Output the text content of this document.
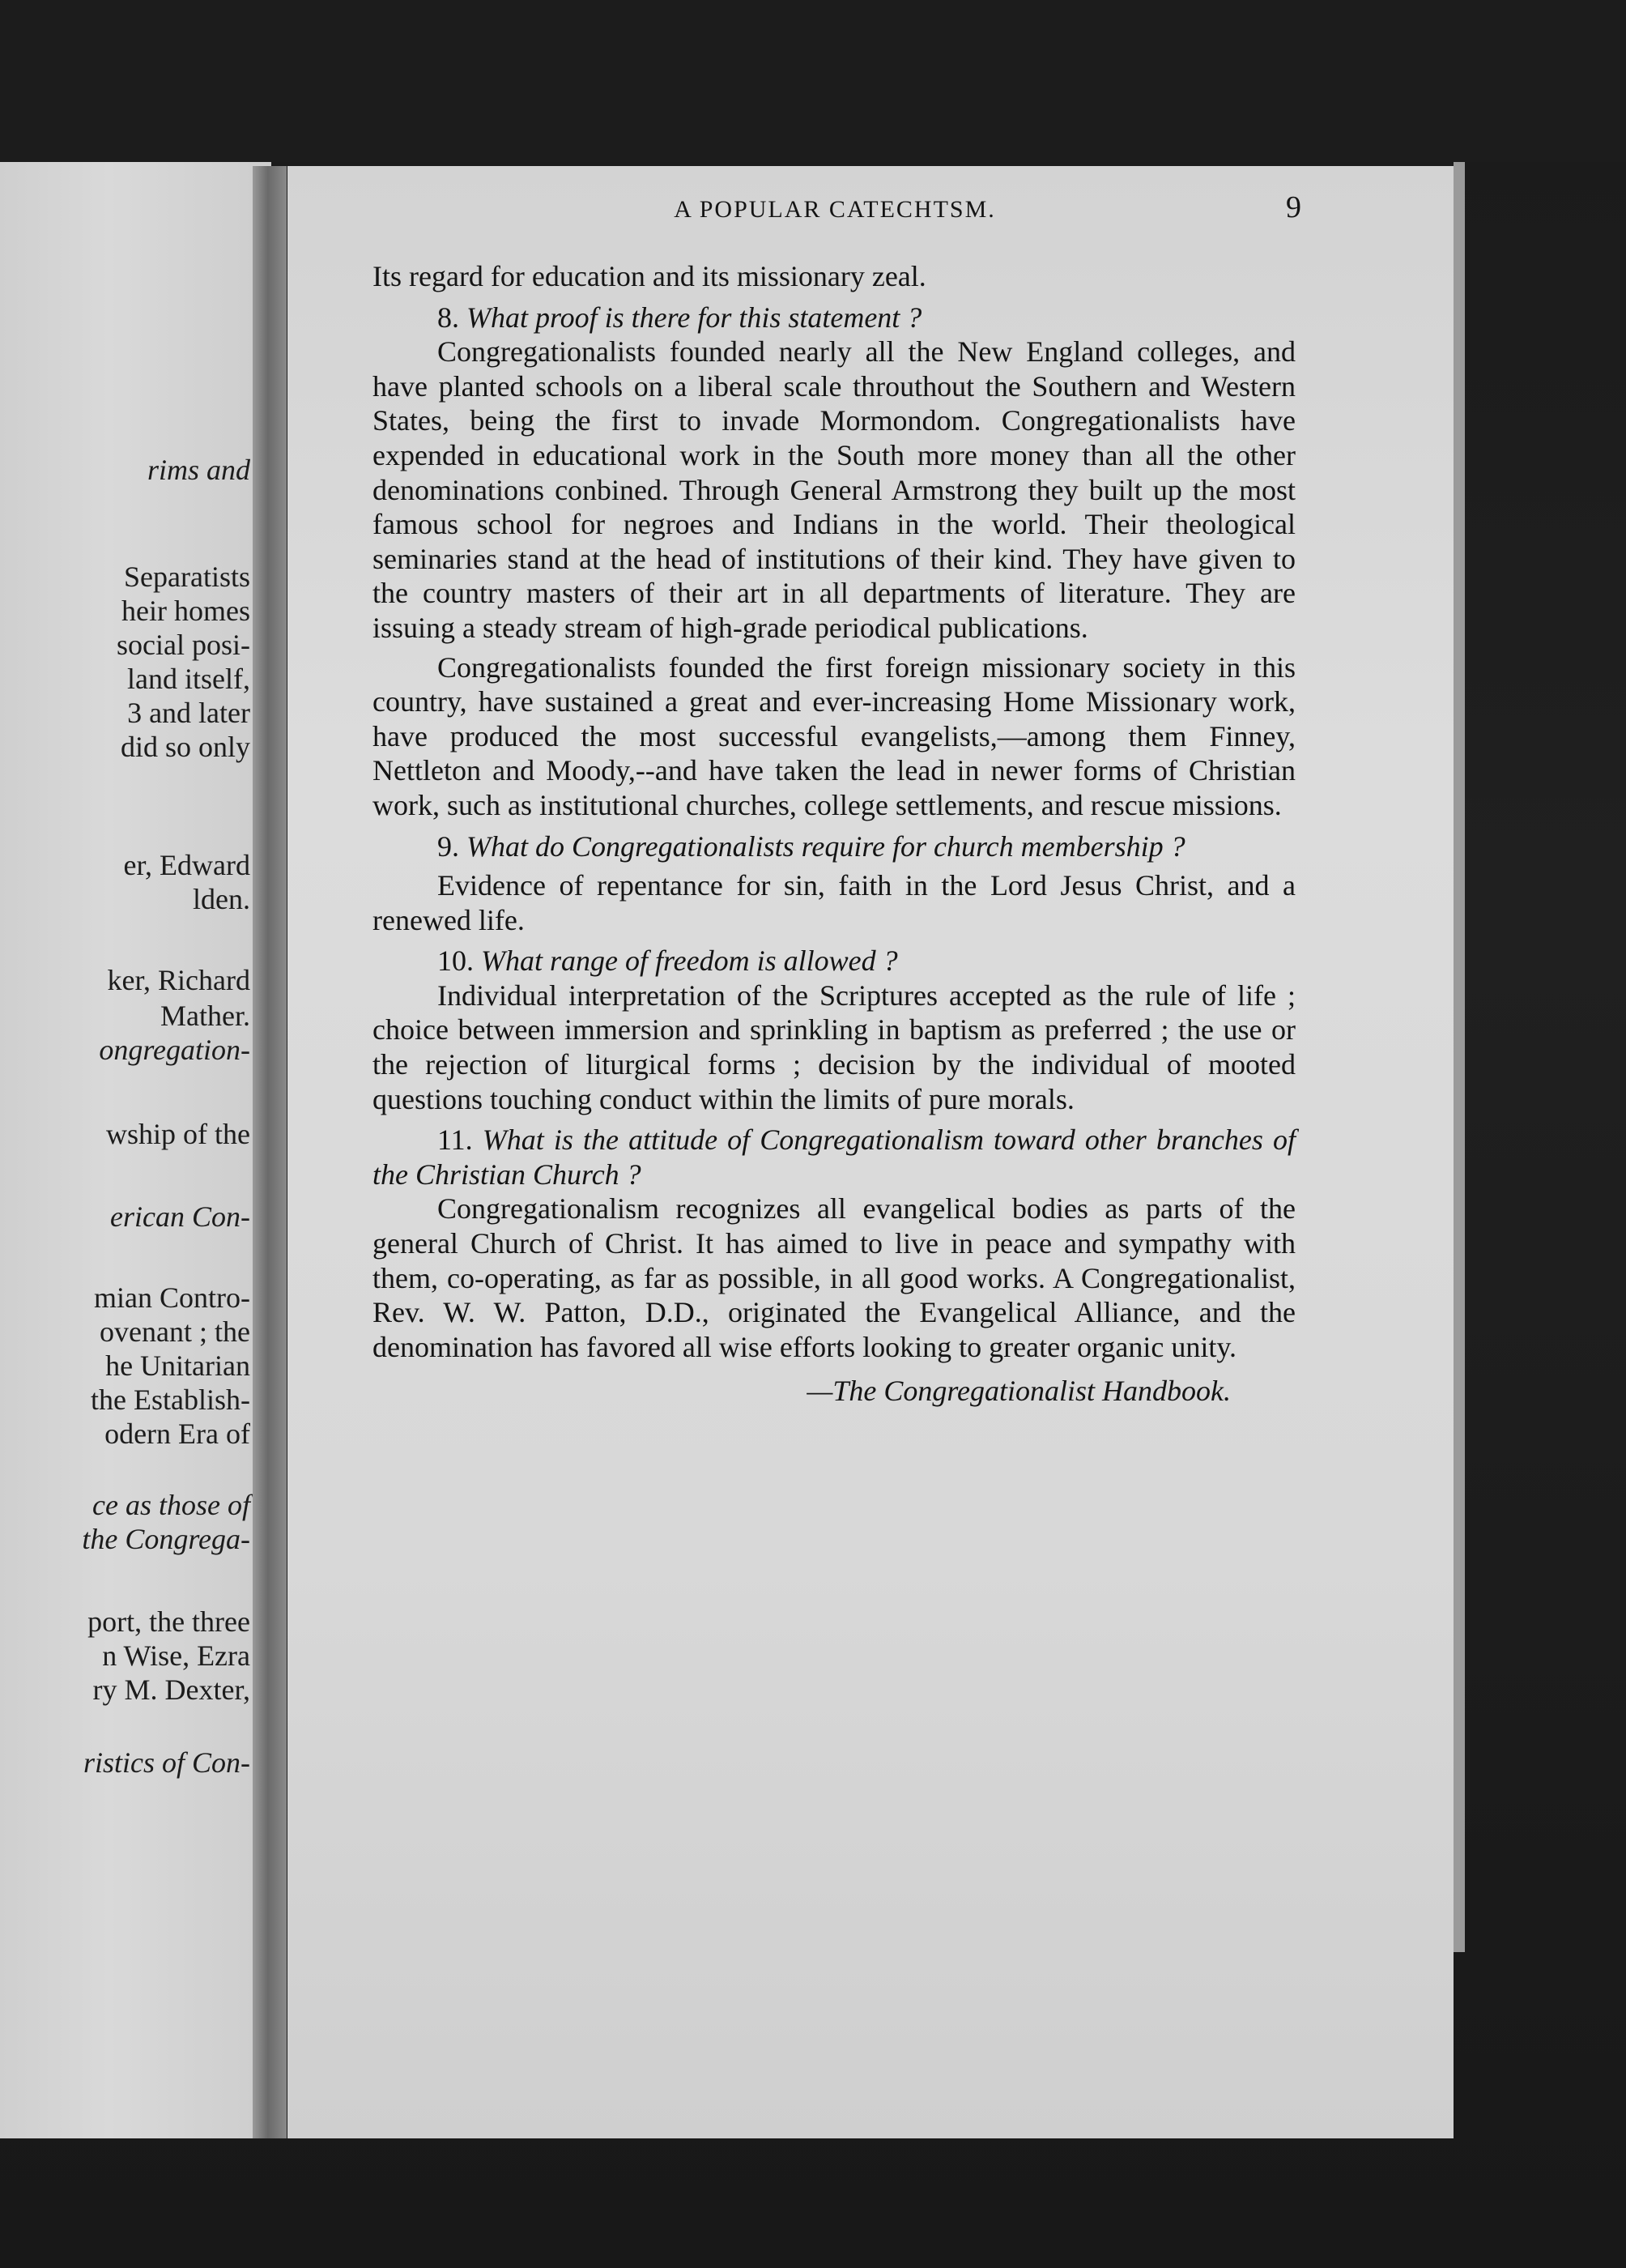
rims and
Separatists
heir homes
social posi-
land itself,
3 and later
did so only
er, Edward
lden.
ker, Richard
Mather.
ongregation-
wship of the
erican Con-
mian Contro-
ovenant ; the
he Unitarian
the Establish-
odern Era of
ce as those of
the Congrega-
port, the three
n Wise, Ezra
ry M. Dexter,
ristics of Con-
A POPULAR CATECHTSM.	9

Its regard for education and its missionary zeal.

8. What proof is there for this statement ?

Congregationalists founded nearly all the New England colleges, and have planted schools on a liberal scale throuthout the Southern and Western States, being the first to invade Mormondom. Congregationalists have expended in educational work in the South more money than all the other denominations conbined. Through General Armstrong they built up the most famous school for negroes and Indians in the world. Their theological seminaries stand at the head of institutions of their kind. They have given to the country masters of their art in all departments of literature. They are issuing a steady stream of high-grade periodical publications.

Congregationalists founded the first foreign missionary society in this country, have sustained a great and ever-increasing Home Missionary work, have produced the most successful evangelists,—among them Finney, Nettleton and Moody,--and have taken the lead in newer forms of Christian work, such as institutional churches, college settlements, and rescue missions.

9. What do Congregationalists require for church membership ?

Evidence of repentance for sin, faith in the Lord Jesus Christ, and a renewed life.

10. What range of freedom is allowed ?

Individual interpretation of the Scriptures accepted as the rule of life ; choice between immersion and sprinkling in baptism as preferred ; the use or the rejection of liturgical forms ; decision by the individual of mooted questions touching conduct within the limits of pure morals.

11. What is the attitude of Congregationalism toward other branches of the Christian Church ?

Congregationalism recognizes all evangelical bodies as parts of the general Church of Christ. It has aimed to live in peace and sympathy with them, co-operating, as far as possible, in all good works. A Congregationalist, Rev. W. W. Patton, D.D., originated the Evangelical Alliance, and the denomination has favored all wise efforts looking to greater organic unity.

—The Congregationalist Handbook.
